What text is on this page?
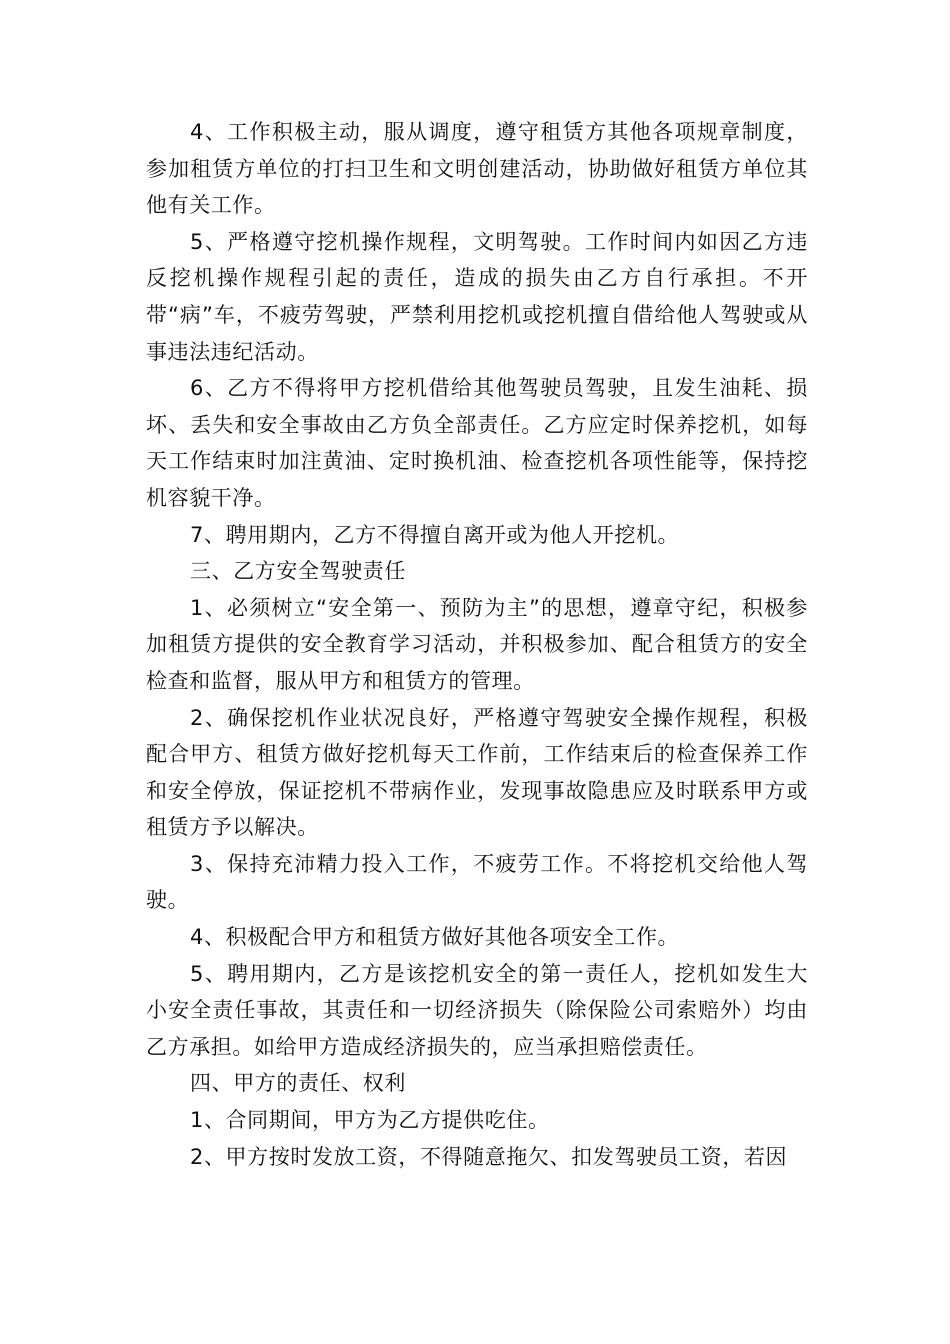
4、工作积极主动，服从调度，遵守租赁方其他各项规章制度，参加租赁方单位的打扫卫生和文明创建活动，协助做好租赁方单位其他有关工作。

5、严格遵守挖机操作规程，文明驾驶。工作时间内如因乙方违反挖机操作规程引起的责任，造成的损失由乙方自行承担。不开带“病”车，不疲劳驾驶，严禁利用挖机或挖机擅自借给他人驾驶或从事违法违纪活动。

6、乙方不得将甲方挖机借给其他驾驶员驾驶，且发生油耗、损坏、丢失和安全事故由乙方负全部责任。乙方应定时保养挖机，如每天工作结束时加注黄油、定时换机油、检查挖机各项性能等，保持挖机容貌干净。

7、聘用期内，乙方不得擅自离开或为他人开挖机。

三、乙方安全驾驶责任

1、必须树立“安全第一、预防为主”的思想，遵章守纪，积极参加租赁方提供的安全教育学习活动，并积极参加、配合租赁方的安全检查和监督，服从甲方和租赁方的管理。

2、确保挖机作业状况良好，严格遵守驾驶安全操作规程，积极配合甲方、租赁方做好挖机每天工作前，工作结束后的检查保养工作和安全停放，保证挖机不带病作业，发现事故隐患应及时联系甲方或租赁方予以解决。

3、保持充沛精力投入工作，不疲劳工作。不将挖机交给他人驾驶。

4、积极配合甲方和租赁方做好其他各项安全工作。

5、聘用期内，乙方是该挖机安全的第一责任人，挖机如发生大小安全责任事故，其责任和一切经济损失（除保险公司索赔外）均由乙方承担。如给甲方造成经济损失的，应当承担赔偿责任。

四、甲方的责任、权利

1、合同期间，甲方为乙方提供吃住。

2、甲方按时发放工资，不得随意拖欠、扣发驾驶员工资，若因
